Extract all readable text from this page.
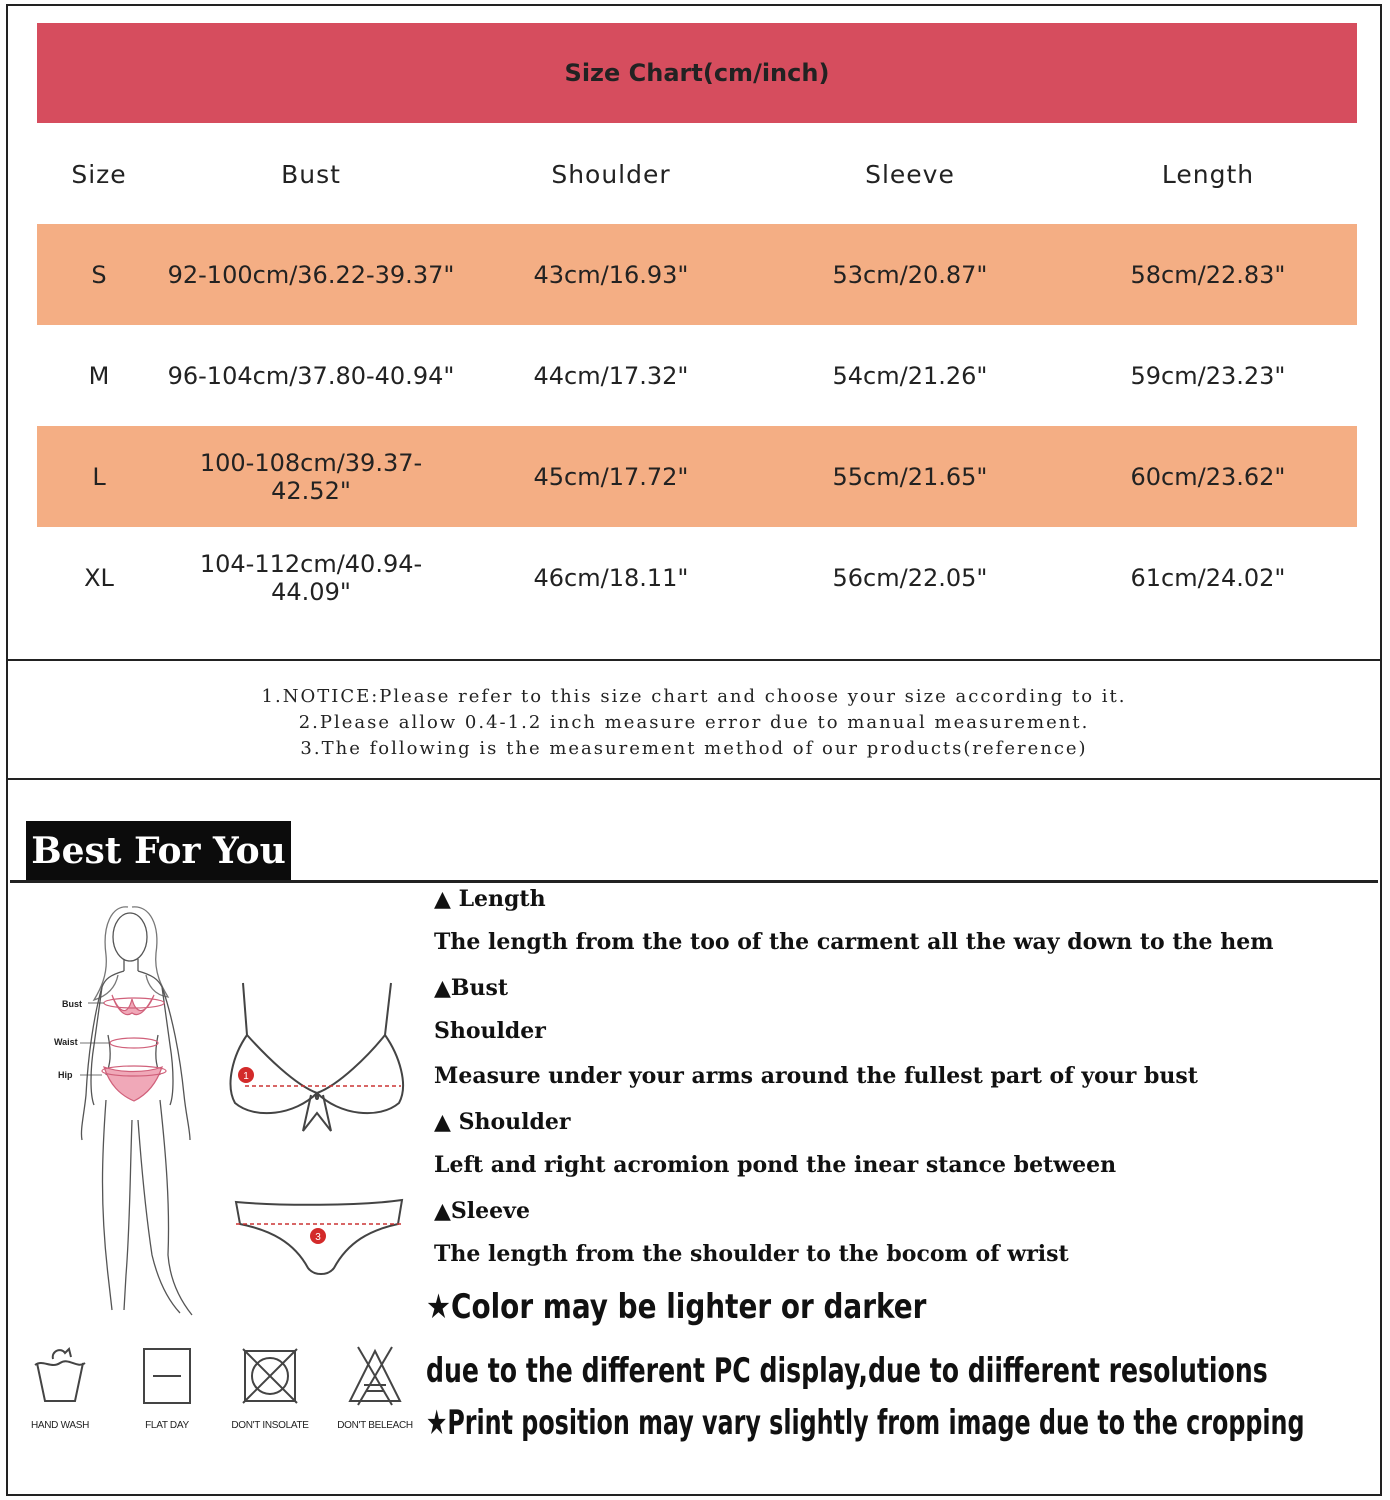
Size Chart(cm/inch)
Size	Bust	Shoulder	Sleeve	Length
S	92-100cm/36.22-39.37"	43cm/16.93"	53cm/20.87"	58cm/22.83"
M	96-104cm/37.80-40.94"	44cm/17.32"	54cm/21.26"	59cm/23.23"
L	100-108cm/39.37-42.52"	45cm/17.72"	55cm/21.65"	60cm/23.62"
XL	104-112cm/40.94-44.09"	46cm/18.11"	56cm/22.05"	61cm/24.02"
1.NOTICE:Please refer to this size chart and choose your size according to it.
2.Please allow 0.4-1.2 inch measure error due to manual measurement.
3.The following is the measurement method of our products(reference)
Best For You
Bust
Waist
Hip	1
3
HAND WASH	FLAT DAY	DON'T INSOLATE	DON'T BELEACH
▲ Length
The length from the too of the carment all the way down to the hem
▲Bust
Shoulder
Measure under your arms around the fullest part of your bust
▲ Shoulder
Left and right acromion pond the inear stance between
▲Sleeve
The length from the shoulder to the bocom of wrist
★Color may be lighter or darker
due to the different PC display,due to diifferent resolutions
★Print position may vary slightly from image due to the cropping
